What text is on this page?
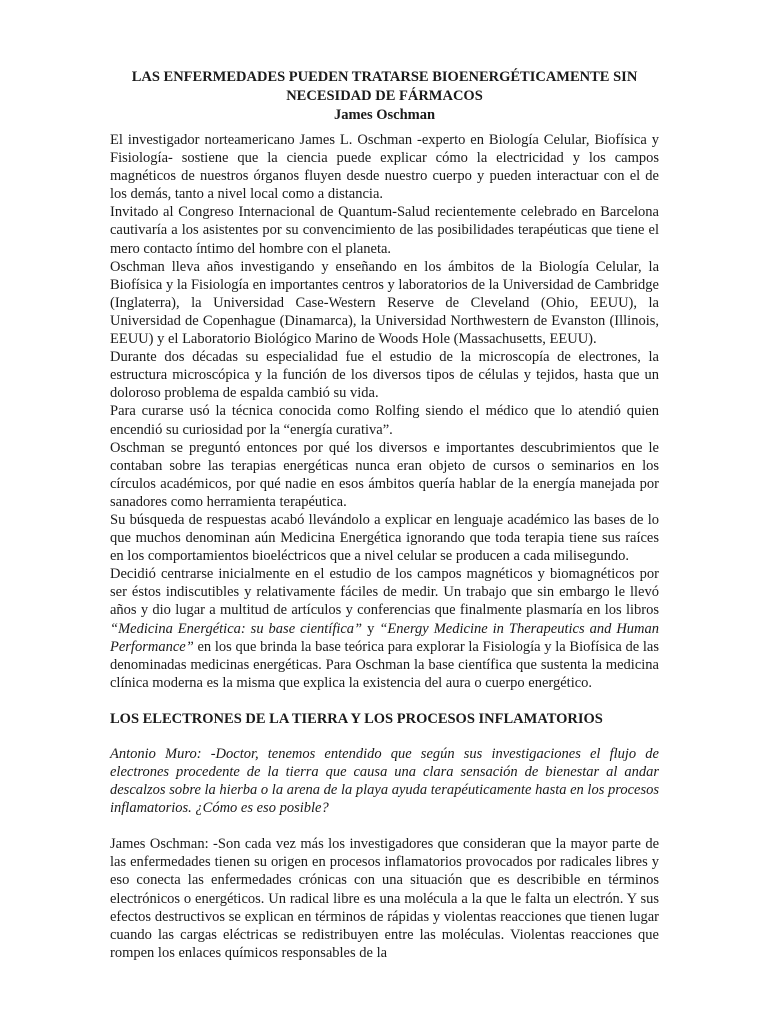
LAS ENFERMEDADES PUEDEN TRATARSE BIOENERGÉTICAMENTE SIN NECESIDAD DE FÁRMACOS
James Oschman

El investigador norteamericano James L. Oschman -experto en Biología Celular, Biofísica y Fisiología- sostiene que la ciencia puede explicar cómo la electricidad y los campos magnéticos de nuestros órganos fluyen desde nuestro cuerpo y pueden interactuar con el de los demás, tanto a nivel local como a distancia.

Invitado al Congreso Internacional de Quantum-Salud recientemente celebrado en Barcelona cautivaría a los asistentes por su convencimiento de las posibilidades terapéuticas que tiene el mero contacto íntimo del hombre con el planeta.

Oschman lleva años investigando y enseñando en los ámbitos de la Biología Celular, la Biofísica y la Fisiología en importantes centros y laboratorios de la Universidad de Cambridge (Inglaterra), la Universidad Case-Western Reserve de Cleveland (Ohio, EEUU), la Universidad de Copenhague (Dinamarca), la Universidad Northwestern de Evanston (Illinois, EEUU) y el Laboratorio Biológico Marino de Woods Hole (Massachusetts, EEUU).

Durante dos décadas su especialidad fue el estudio de la microscopía de electrones, la estructura microscópica y la función de los diversos tipos de células y tejidos, hasta que un doloroso problema de espalda cambió su vida.

Para curarse usó la técnica conocida como Rolfing siendo el médico que lo atendió quien encendió su curiosidad por la “energía curativa”.

Oschman se preguntó entonces por qué los diversos e importantes descubrimientos que le contaban sobre las terapias energéticas nunca eran objeto de cursos o seminarios en los círculos académicos, por qué nadie en esos ámbitos quería hablar de la energía manejada por sanadores como herramienta terapéutica.

Su búsqueda de respuestas acabó llevándolo a explicar en lenguaje académico las bases de lo que muchos denominan aún Medicina Energética ignorando que toda terapia tiene sus raíces en los comportamientos bioeléctricos que a nivel celular se producen a cada milisegundo.

Decidió centrarse inicialmente en el estudio de los campos magnéticos y biomagnéticos por ser éstos indiscutibles y relativamente fáciles de medir. Un trabajo que sin embargo le llevó años y dio lugar a multitud de artículos y conferencias que finalmente plasmaría en los libros “Medicina Energética: su base científica” y “Energy Medicine in Therapeutics and Human Performance” en los que brinda la base teórica para explorar la Fisiología y la Biofísica de las denominadas medicinas energéticas. Para Oschman la base científica que sustenta la medicina clínica moderna es la misma que explica la existencia del aura o cuerpo energético.

LOS ELECTRONES DE LA TIERRA Y LOS PROCESOS INFLAMATORIOS

Antonio Muro: -Doctor, tenemos entendido que según sus investigaciones el flujo de electrones procedente de la tierra que causa una clara sensación de bienestar al andar descalzos sobre la hierba o la arena de la playa ayuda terapéuticamente hasta en los procesos inflamatorios. ¿Cómo es eso posible?

James Oschman: -Son cada vez más los investigadores que consideran que la mayor parte de las enfermedades tienen su origen en procesos inflamatorios provocados por radicales libres y eso conecta las enfermedades crónicas con una situación que es describible en términos electrónicos o energéticos. Un radical libre es una molécula a la que le falta un electrón. Y sus efectos destructivos se explican en términos de rápidas y violentas reacciones que tienen lugar cuando las cargas eléctricas se redistribuyen entre las moléculas. Violentas reacciones que rompen los enlaces químicos responsables de la
